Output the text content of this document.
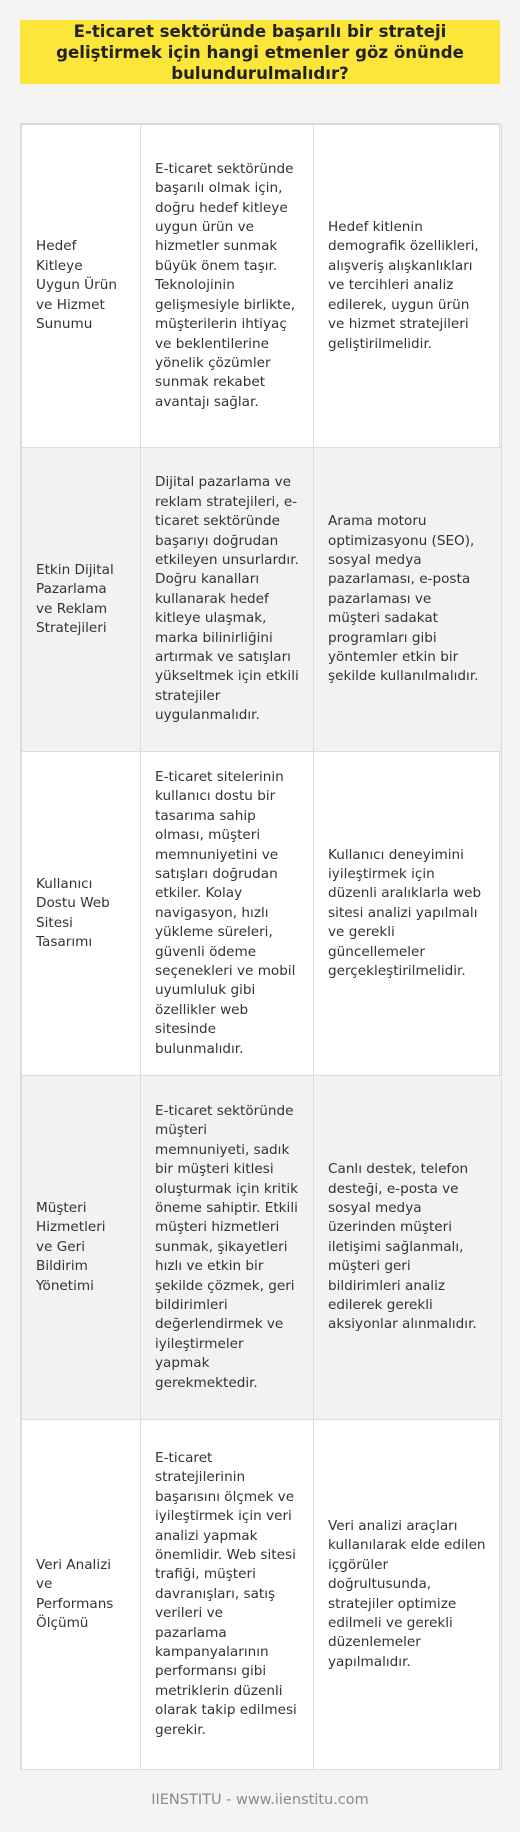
E-ticaret sektöründe başarılı bir strateji geliştirmek için hangi etmenler göz önünde bulundurulmalıdır?
Hedef Kitleye Uygun Ürün ve Hizmet Sunumu	E-ticaret sektöründe başarılı olmak için, doğru hedef kitleye uygun ürün ve hizmetler sunmak büyük önem taşır. Teknolojinin gelişmesiyle birlikte, müşterilerin ihtiyaç ve beklentilerine yönelik çözümler sunmak rekabet avantajı sağlar.	Hedef kitlenin demografik özellikleri, alışveriş alışkanlıkları ve tercihleri analiz edilerek, uygun ürün ve hizmet stratejileri geliştirilmelidir.
Etkin Dijital Pazarlama ve Reklam Stratejileri	Dijital pazarlama ve reklam stratejileri, e-ticaret sektöründe başarıyı doğrudan etkileyen unsurlardır. Doğru kanalları kullanarak hedef kitleye ulaşmak, marka bilinirliğini artırmak ve satışları yükseltmek için etkili stratejiler uygulanmalıdır.	Arama motoru optimizasyonu (SEO), sosyal medya pazarlaması, e-posta pazarlaması ve müşteri sadakat programları gibi yöntemler etkin bir şekilde kullanılmalıdır.
Kullanıcı Dostu Web Sitesi Tasarımı	E-ticaret sitelerinin kullanıcı dostu bir tasarıma sahip olması, müşteri memnuniyetini ve satışları doğrudan etkiler. Kolay navigasyon, hızlı yükleme süreleri, güvenli ödeme seçenekleri ve mobil uyumluluk gibi özellikler web sitesinde bulunmalıdır.	Kullanıcı deneyimini iyileştirmek için düzenli aralıklarla web sitesi analizi yapılmalı ve gerekli güncellemeler gerçekleştirilmelidir.
Müşteri Hizmetleri ve Geri Bildirim Yönetimi	E-ticaret sektöründe müşteri memnuniyeti, sadık bir müşteri kitlesi oluşturmak için kritik öneme sahiptir. Etkili müşteri hizmetleri sunmak, şikayetleri hızlı ve etkin bir şekilde çözmek, geri bildirimleri değerlendirmek ve iyileştirmeler yapmak gerekmektedir.	Canlı destek, telefon desteği, e-posta ve sosyal medya üzerinden müşteri iletişimi sağlanmalı, müşteri geri bildirimleri analiz edilerek gerekli aksiyonlar alınmalıdır.
Veri Analizi ve Performans Ölçümü	E-ticaret stratejilerinin başarısını ölçmek ve iyileştirmek için veri analizi yapmak önemlidir. Web sitesi trafiği, müşteri davranışları, satış verileri ve pazarlama kampanyalarının performansı gibi metriklerin düzenli olarak takip edilmesi gerekir.	Veri analizi araçları kullanılarak elde edilen içgörüler doğrultusunda, stratejiler optimize edilmeli ve gerekli düzenlemeler yapılmalıdır.
IIENSTITU - www.iienstitu.com
